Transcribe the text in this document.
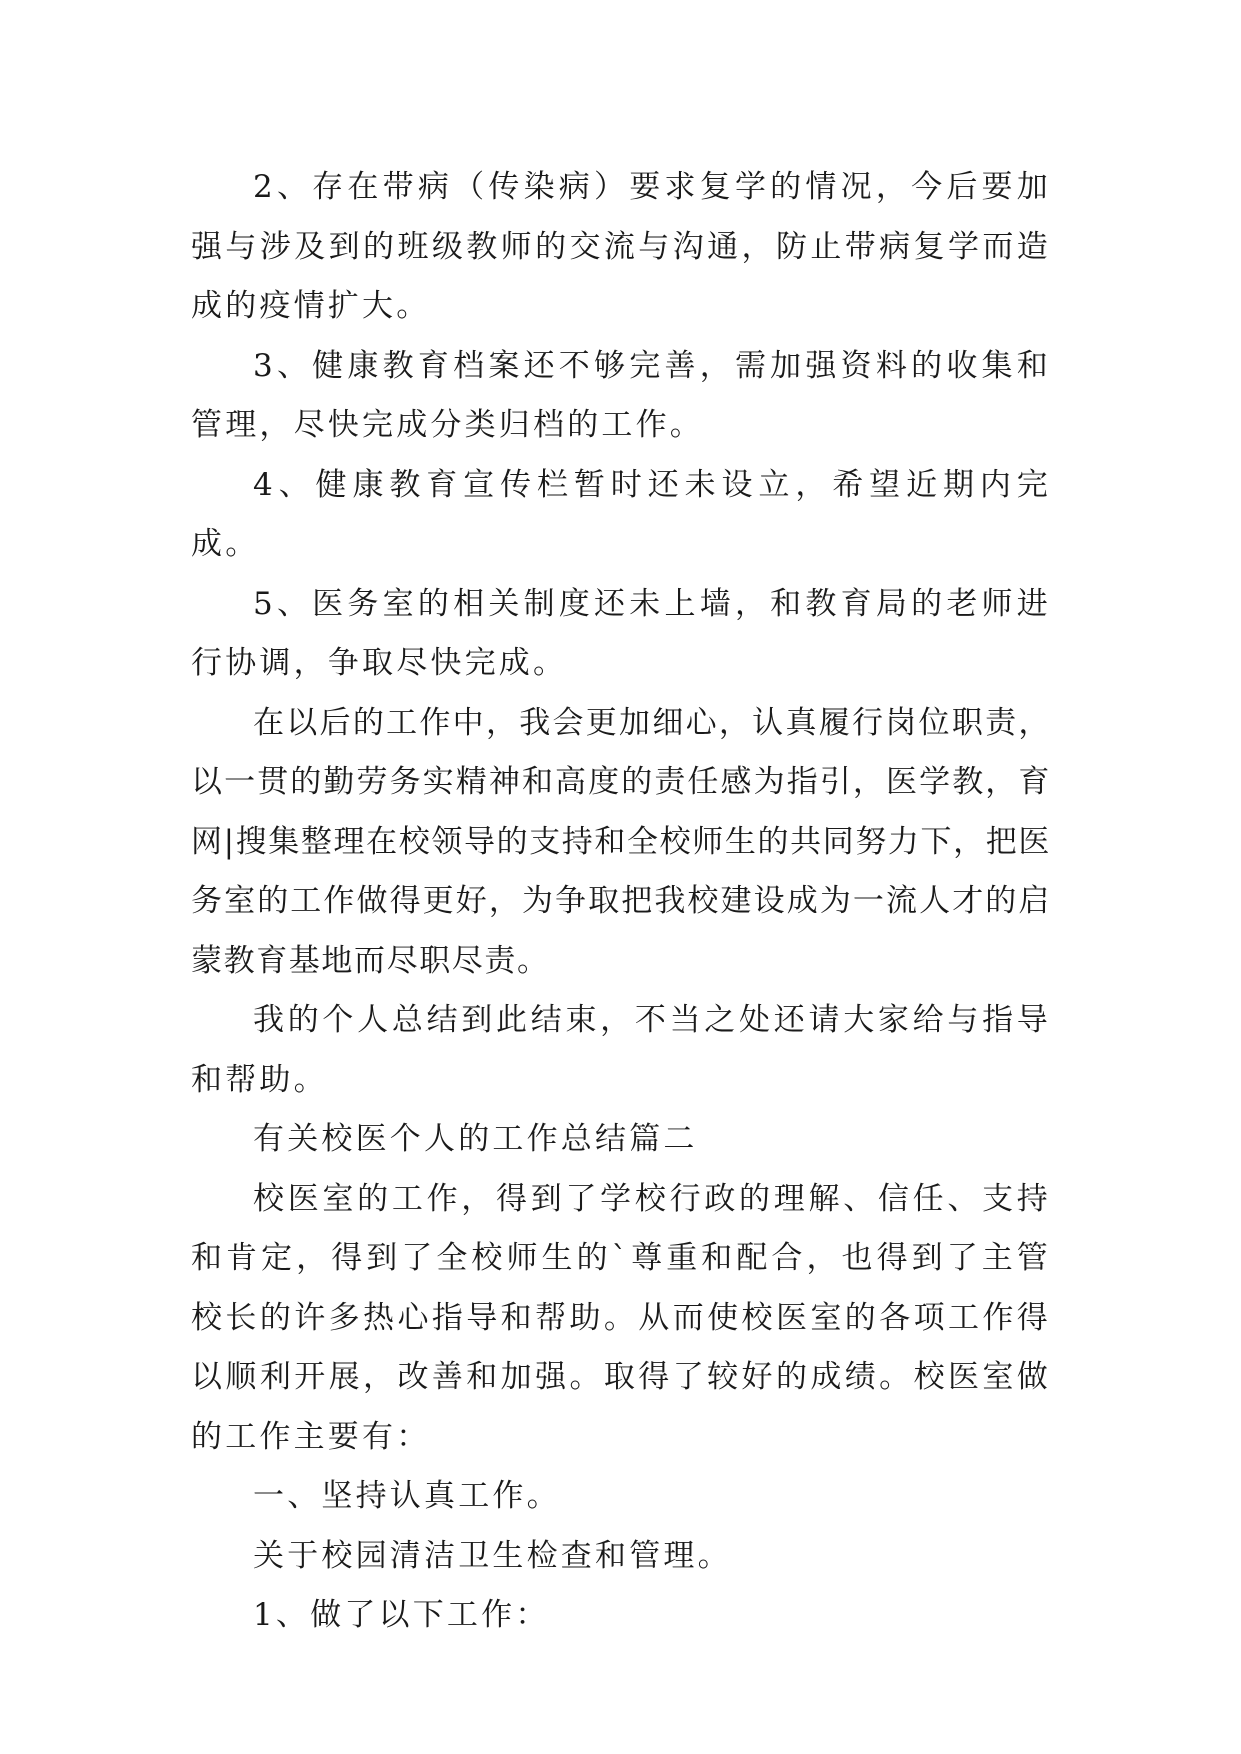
2、存在带病（传染病）要求复学的情况，今后要加强与涉及到的班级教师的交流与沟通，防止带病复学而造成的疫情扩大。

3、健康教育档案还不够完善，需加强资料的收集和管理，尽快完成分类归档的工作。

4、健康教育宣传栏暂时还未设立，希望近期内完成。

5、医务室的相关制度还未上墙，和教育局的老师进行协调，争取尽快完成。

在以后的工作中，我会更加细心，认真履行岗位职责，以一贯的勤劳务实精神和高度的责任感为指引，医学教，育网|搜集整理在校领导的支持和全校师生的共同努力下，把医务室的工作做得更好，为争取把我校建设成为一流人才的启蒙教育基地而尽职尽责。

我的个人总结到此结束，不当之处还请大家给与指导和帮助。

有关校医个人的工作总结篇二

校医室的工作，得到了学校行政的理解、信任、支持和肯定，得到了全校师生的`尊重和配合，也得到了主管校长的许多热心指导和帮助。从而使校医室的各项工作得以顺利开展，改善和加强。取得了较好的成绩。校医室做的工作主要有：

一、坚持认真工作。

关于校园清洁卫生检查和管理。

1、做了以下工作：
